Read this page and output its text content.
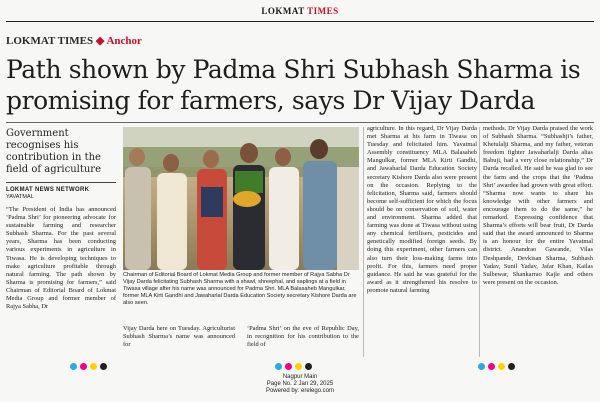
LOKMAT TIMES
LOKMAT TIMES ◆ Anchor
Path shown by Padma Shri Subhash Sharma is promising for farmers, says Dr Vijay Darda
Government recognises his contribution in the field of agriculture
LOKMAT NEWS NETWORK
YAVATMAL

“The President of India has announced ‘Padma Shri’ for pioneering advocate for sustainable farming and researcher Subhash Sharma. For the past several years, Sharma has been conducting various experiments in agriculture in Tiwasa. He is developing techniques to make agriculture profitable through natural farming. The path shown by Sharma is promising for farmers,” said Chairman of Editorial Board of Lokmat Media Group and former member of Rajya Sabha, Dr

Chairman of Editorial Board of Lokmat Media Group and former member of Rajya Sabha Dr Vijay Darda felicitating Subhash Sharma with a shawl, shreephal, and saplings at a field in Tiwasa village after his name was announced for Padma Shri. MLA Balasaheb Mangulkar, former MLA Kirti Gandhi and Jawaharlal Darda Education Society secretary Kishore Darda are also seen.

Vijay Darda here on Tuesday. Agriculturist Subhash Sharma’s name was announced for

‘Padma Shri’ on the eve of Republic Day, in recognition for his contribution to the field of

agriculture. In this regard, Dr Vijay Darda met Sharma at his farm in Tiwasa on Tuesday and felicitated him. Yavatmal Assembly constituency MLA Balasaheb Mangulkar, former MLA Kirti Gandhi, and Jawaharlal Darda Education Society secretary Kishore Darda also were present on the occasion. Replying to the felicitation, Sharma said, farmers should become self-sufficient for which the focus should be on conservation of soil, water and environment. Sharma added that farming was done at Tiwasa without using any chemical fertilisers, pesticides and genetically modified foreign seeds. By doing this experiment, other farmers can also turn their loss-making farms into profit. For this, farmers need proper guidance. He said he was grateful for the award as it strengthened his resolve to promote natural farming

methods. Dr Vijay Darda praised the work of Subhash Sharma. “Subhashji’s father, Khetulalji Sharma, and my father, veteran freedom fighter Jawaharlalji Darda alias Babuji, had a very close relationship,” Dr Darda recalled. He said he was glad to see the farm and the crops that the ‘Padma Shri’ awardee had grown with great effort. “Sharma now wants to share his knowledge with other farmers and encourage them to do the same,” he remarked. Expressing confidence that Sharma’s efforts will bear fruit, Dr Darda said that the award announced to Sharma is an honour for the entire Yavatmal district. Anandrao Gawande, Vilas Deshpande, Devkisan Sharma, Subhash Yadav, Sunil Yadav, Jafar Khan, Kailas Sulbewar, Shankarrao Kajle and others were present on the occasion.

Nagpur Main
Page No. 2 Jan 29, 2025
Powered by: erelego.com
